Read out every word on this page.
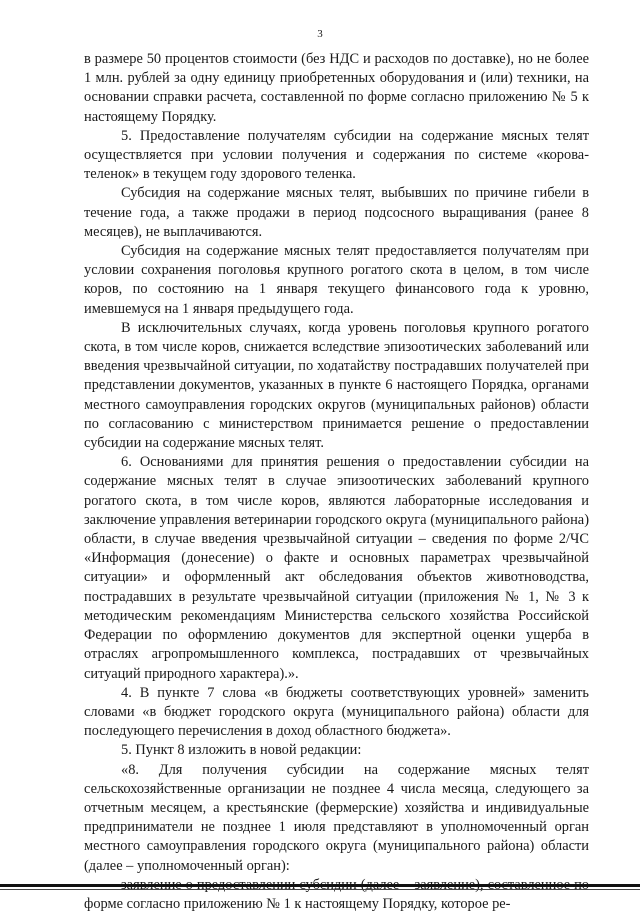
3

в размере 50 процентов стоимости (без НДС и расходов по доставке), но не более 1 млн. рублей за одну единицу приобретенных оборудования и (или) техники, на основании справки расчета, составленной по форме согласно приложению № 5 к настоящему Порядку.

5. Предоставление получателям субсидии на содержание мясных телят осуществляется при условии получения и содержания по системе «корова-теленок» в текущем году здорового теленка.

Субсидия на содержание мясных телят, выбывших по причине гибели в течение года, а также продажи в период подсосного выращивания (ранее 8 месяцев), не выплачиваются.

Субсидия на содержание мясных телят предоставляется получателям при условии сохранения поголовья крупного рогатого скота в целом, в том числе коров, по состоянию на 1 января текущего финансового года к уровню, имевшемуся на 1 января предыдущего года.

В исключительных случаях, когда уровень поголовья крупного рогатого скота, в том числе коров, снижается вследствие эпизоотических заболеваний или введения чрезвычайной ситуации, по ходатайству пострадавших получателей при представлении документов, указанных в пункте 6 настоящего Порядка, органами местного самоуправления городских округов (муниципальных районов) области по согласованию с министерством принимается решение о предоставлении субсидии на содержание мясных телят.

6. Основаниями для принятия решения о предоставлении субсидии на содержание мясных телят в случае эпизоотических заболеваний крупного рогатого скота, в том числе коров, являются лабораторные исследования и заключение управления ветеринарии городского округа (муниципального района) области, в случае введения чрезвычайной ситуации – сведения по форме 2/ЧС «Информация (донесение) о факте и основных параметрах чрезвычайной ситуации» и оформленный акт обследования объектов животноводства, пострадавших в результате чрезвычайной ситуации (приложения № 1, № 3 к методическим рекомендациям Министерства сельского хозяйства Российской Федерации по оформлению документов для экспертной оценки ущерба в отраслях агропромышленного комплекса, пострадавших от чрезвычайных ситуаций природного характера).».

4. В пункте 7 слова «в бюджеты соответствующих уровней» заменить словами «в бюджет городского округа (муниципального района) области для последующего перечисления в доход областного бюджета».

5. Пункт 8 изложить в новой редакции:

«8. Для получения субсидии на содержание мясных телят сельскохозяйственные организации не позднее 4 числа месяца, следующего за отчетным месяцем, а крестьянские (фермерские) хозяйства и индивидуальные предприниматели не позднее 1 июля представляют в уполномоченный орган местного самоуправления городского округа (муниципального района) области (далее – уполномоченный орган):

форме согласно приложению № 1 к настоящему Порядку, которое ре-
